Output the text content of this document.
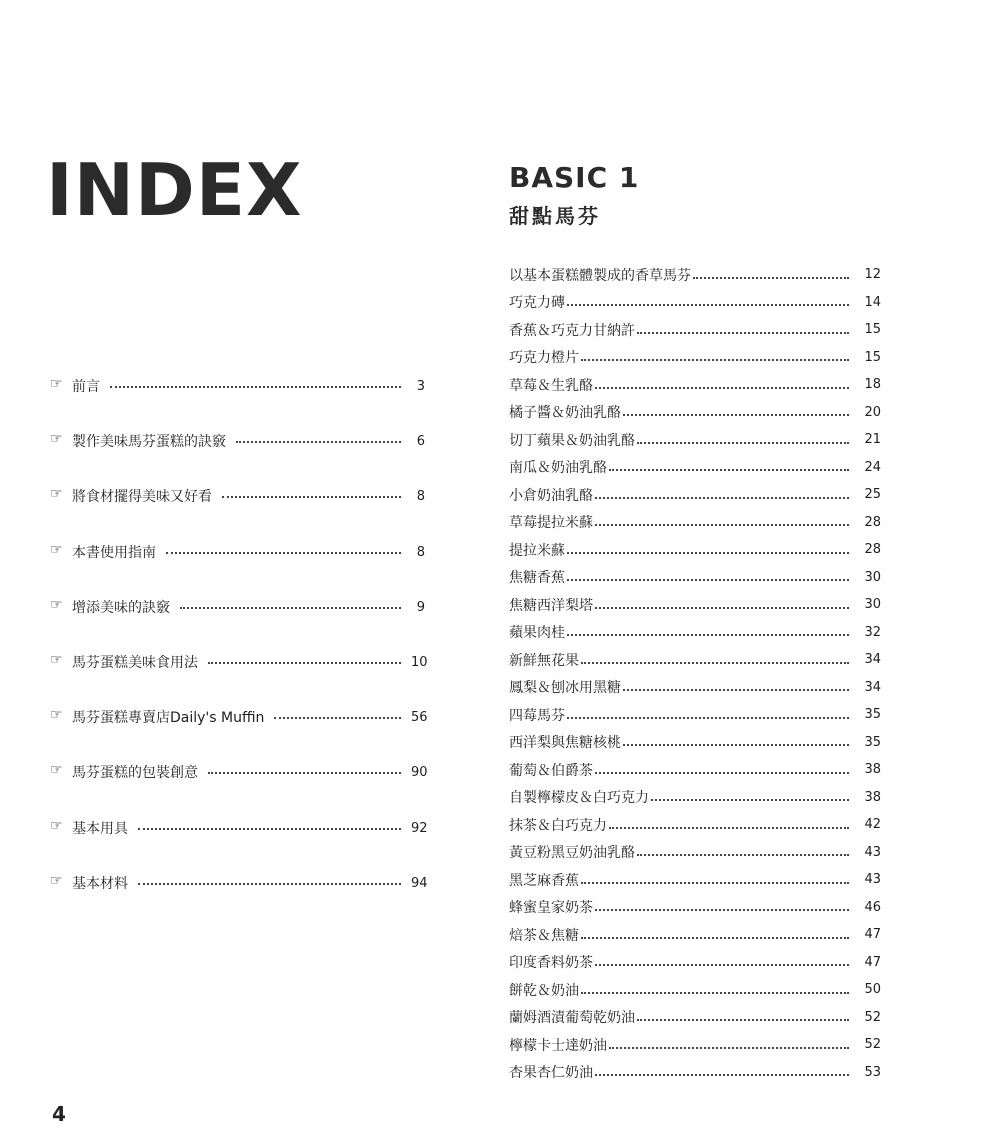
INDEX
☞ 前言	3
☞ 製作美味馬芬蛋糕的訣竅	6
☞ 將食材擺得美味又好看	8
☞ 本書使用指南	8
☞ 增添美味的訣竅	9
☞ 馬芬蛋糕美味食用法	10
☞ 馬芬蛋糕專賣店Daily's Muffin	56
☞ 馬芬蛋糕的包裝創意	90
☞ 基本用具	92
☞ 基本材料	94
BASIC 1
甜點馬芬
以基本蛋糕體製成的香草馬芬	12
巧克力磚	14
香蕉＆巧克力甘納許	15
巧克力橙片	15
草莓＆生乳酪	18
橘子醬＆奶油乳酪	20
切丁蘋果＆奶油乳酪	21
南瓜＆奶油乳酪	24
小倉奶油乳酪	25
草莓提拉米蘇	28
提拉米蘇	28
焦糖香蕉	30
焦糖西洋梨塔	30
蘋果肉桂	32
新鮮無花果	34
鳳梨＆刨冰用黑糖	34
四莓馬芬	35
西洋梨與焦糖核桃	35
葡萄＆伯爵茶	38
自製檸檬皮＆白巧克力	38
抹茶＆白巧克力	42
黃豆粉黑豆奶油乳酪	43
黑芝麻香蕉	43
蜂蜜皇家奶茶	46
焙茶＆焦糖	47
印度香料奶茶	47
餅乾＆奶油	50
蘭姆酒漬葡萄乾奶油	52
檸檬卡士達奶油	52
杏果杏仁奶油	53
4
